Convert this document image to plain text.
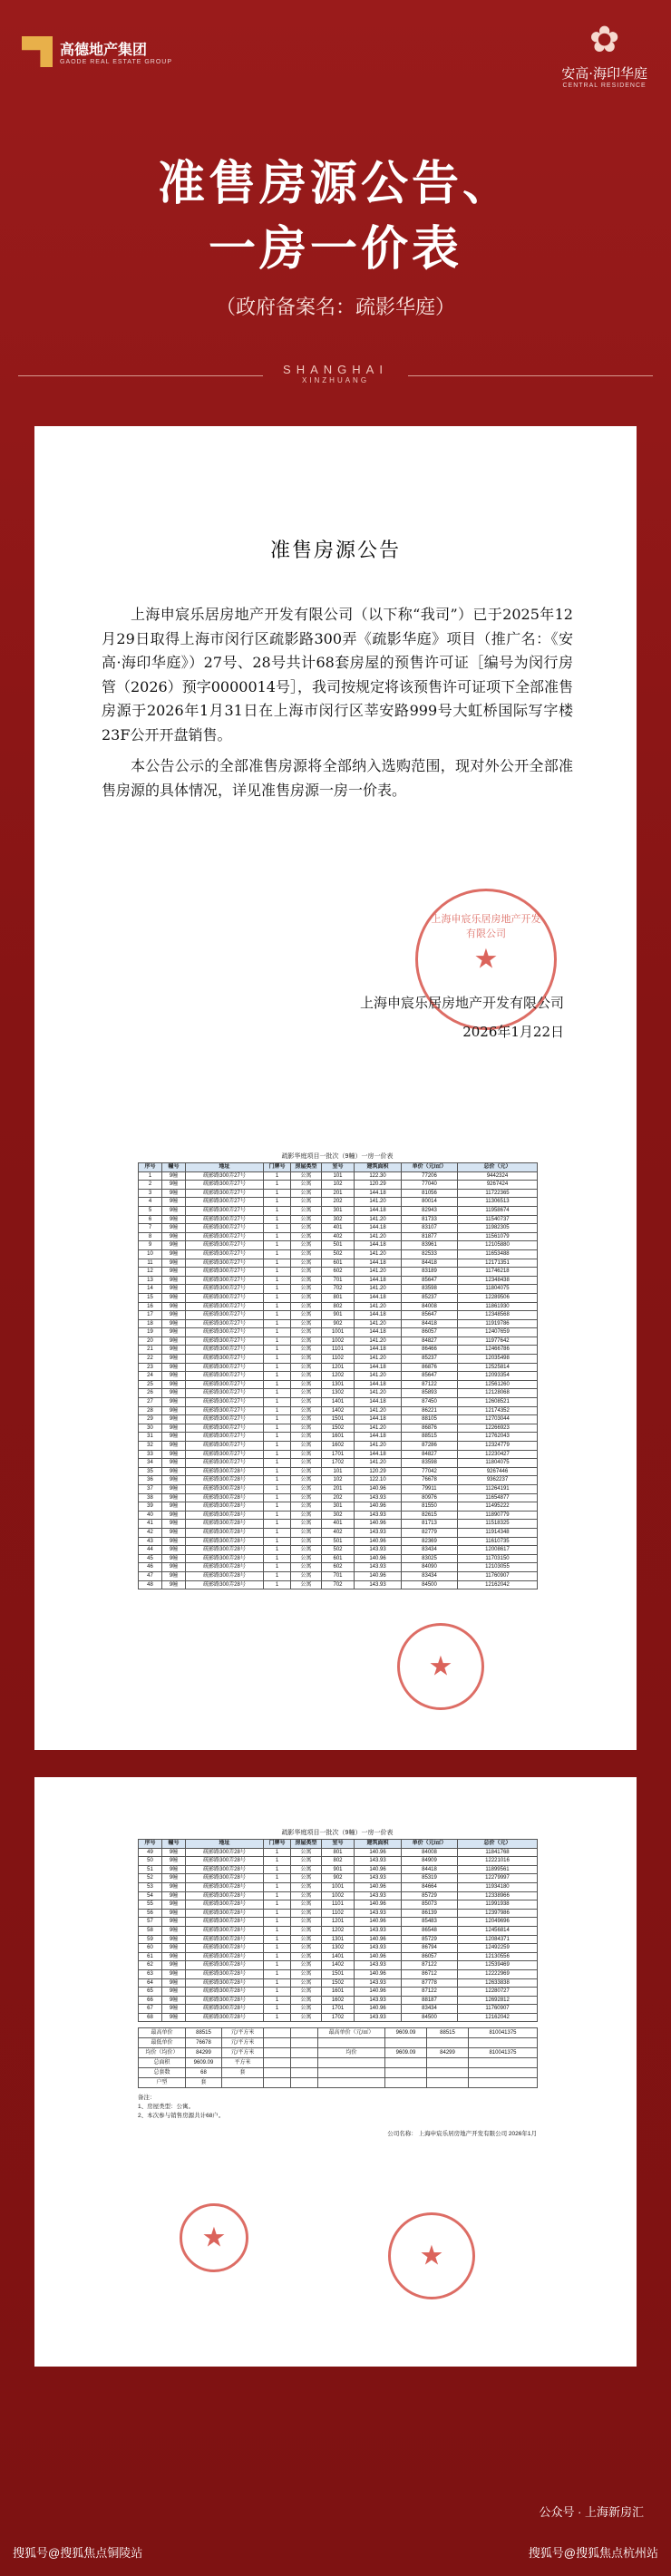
高德地产集团
GAODE REAL ESTATE GROUP
✿
安高·海印华庭
CENTRAL RESIDENCE
准售房源公告、
一房一价表
（政府备案名：疏影华庭）
SHANGHAI
XINZHUANG
准售房源公告

上海申宸乐居房地产开发有限公司（以下称“我司”）已于2025年12月29日取得上海市闵行区疏影路300弄《疏影华庭》项目（推广名：《安高·海印华庭》）27号、28号共计68套房屋的预售许可证［编号为闵行房管（2026）预字0000014号］，我司按规定将该预售许可证项下全部准售房源于2026年1月31日在上海市闵行区莘安路999号大虹桥国际写字楼23F公开开盘销售。

本公告公示的全部准售房源将全部纳入选购范围，现对外公开全部准售房源的具体情况，详见准售房源一房一价表。

上海申宸乐居房地产开发有限公司
★
上海申宸乐居房地产开发有限公司
2026年1月22日
疏影华庭项目一批次（9幢）一房一价表
序号	幢号	地址	门牌号	房屋类型	室号	建筑面积	单价（元/㎡）	总价（元）
1	9幢	疏影路300弄27号	1	公寓	101	122.30	77206	9442324
2	9幢	疏影路300弄27号	1	公寓	102	120.29	77040	9267424
3	9幢	疏影路300弄27号	1	公寓	201	144.18	81056	11722365
4	9幢	疏影路300弄27号	1	公寓	202	141.20	80014	11306513
5	9幢	疏影路300弄27号	1	公寓	301	144.18	82943	11958674
6	9幢	疏影路300弄27号	1	公寓	302	141.20	81733	11540737
7	9幢	疏影路300弄27号	1	公寓	401	144.18	83107	11982305
8	9幢	疏影路300弄27号	1	公寓	402	141.20	81877	11561079
9	9幢	疏影路300弄27号	1	公寓	501	144.18	83961	12105880
10	9幢	疏影路300弄27号	1	公寓	502	141.20	82533	11653488
11	9幢	疏影路300弄27号	1	公寓	601	144.18	84418	12171351
12	9幢	疏影路300弄27号	1	公寓	602	141.20	83189	11746218
13	9幢	疏影路300弄27号	1	公寓	701	144.18	85647	12348438
14	9幢	疏影路300弄27号	1	公寓	702	141.20	83598	11804075
15	9幢	疏影路300弄27号	1	公寓	801	144.18	85237	12289506
16	9幢	疏影路300弄27号	1	公寓	802	141.20	84008	11861930
17	9幢	疏影路300弄27号	1	公寓	901	144.18	85647	12348568
18	9幢	疏影路300弄27号	1	公寓	902	141.20	84418	11919786
19	9幢	疏影路300弄27号	1	公寓	1001	144.18	86057	12407659
20	9幢	疏影路300弄27号	1	公寓	1002	141.20	84827	11977642
21	9幢	疏影路300弄27号	1	公寓	1101	144.18	86466	12466786
22	9幢	疏影路300弄27号	1	公寓	1102	141.20	85237	12035498
23	9幢	疏影路300弄27号	1	公寓	1201	144.18	86876	12525814
24	9幢	疏影路300弄27号	1	公寓	1202	141.20	85647	12093354
25	9幢	疏影路300弄27号	1	公寓	1301	144.18	87122	12561260
26	9幢	疏影路300弄27号	1	公寓	1302	141.20	85893	12128068
27	9幢	疏影路300弄27号	1	公寓	1401	144.18	87450	12608521
28	9幢	疏影路300弄27号	1	公寓	1402	141.20	86221	12174352
29	9幢	疏影路300弄27号	1	公寓	1501	144.18	88105	12703044
30	9幢	疏影路300弄27号	1	公寓	1502	141.20	86876	12266923
31	9幢	疏影路300弄27号	1	公寓	1601	144.18	88515	12762043
32	9幢	疏影路300弄27号	1	公寓	1602	141.20	87286	12324779
33	9幢	疏影路300弄27号	1	公寓	1701	144.18	84827	12230427
34	9幢	疏影路300弄27号	1	公寓	1702	141.20	83598	11804075
35	9幢	疏影路300弄28号	1	公寓	101	120.29	77042	9267446
36	9幢	疏影路300弄28号	1	公寓	102	122.10	76678	9362237
37	9幢	疏影路300弄28号	1	公寓	201	140.96	79911	11264191
38	9幢	疏影路300弄28号	1	公寓	202	143.93	80976	11654877
39	9幢	疏影路300弄28号	1	公寓	301	140.96	81550	11495222
40	9幢	疏影路300弄28号	1	公寓	302	143.93	82615	11890779
41	9幢	疏影路300弄28号	1	公寓	401	140.96	81713	11518325
42	9幢	疏影路300弄28号	1	公寓	402	143.93	82779	11914348
43	9幢	疏影路300弄28号	1	公寓	501	140.96	82369	11610735
44	9幢	疏影路300弄28号	1	公寓	502	143.93	83434	12008617
45	9幢	疏影路300弄28号	1	公寓	601	140.96	83025	11703150
46	9幢	疏影路300弄28号	1	公寓	602	143.93	84090	12103055
47	9幢	疏影路300弄28号	1	公寓	701	140.96	83434	11760907
48	9幢	疏影路300弄28号	1	公寓	702	143.93	84500	12162042
★
疏影华庭项目一批次（9幢）一房一价表
序号	幢号	地址	门牌号	房屋类型	室号	建筑面积	单价（元/㎡）	总价（元）
49	9幢	疏影路300弄28号	1	公寓	801	140.96	84008	11841768
50	9幢	疏影路300弄28号	1	公寓	802	143.93	84909	12221016
51	9幢	疏影路300弄28号	1	公寓	901	140.96	84418	11899561
52	9幢	疏影路300弄28号	1	公寓	902	143.93	85319	12279997
53	9幢	疏影路300弄28号	1	公寓	1001	140.96	84664	11934180
54	9幢	疏影路300弄28号	1	公寓	1002	143.93	85729	12338966
55	9幢	疏影路300弄28号	1	公寓	1101	140.96	85073	11991938
56	9幢	疏影路300弄28号	1	公寓	1102	143.93	86139	12397986
57	9幢	疏影路300弄28号	1	公寓	1201	140.96	85483	12049696
58	9幢	疏影路300弄28号	1	公寓	1202	143.93	86548	12456814
59	9幢	疏影路300弄28号	1	公寓	1301	140.96	85729	12084371
60	9幢	疏影路300弄28号	1	公寓	1302	143.93	86794	12492259
61	9幢	疏影路300弄28号	1	公寓	1401	140.96	86057	12130556
62	9幢	疏影路300弄28号	1	公寓	1402	143.93	87122	12539469
63	9幢	疏影路300弄28号	1	公寓	1501	140.96	86712	12222969
64	9幢	疏影路300弄28号	1	公寓	1502	143.93	87778	12633838
65	9幢	疏影路300弄28号	1	公寓	1601	140.96	87122	12280727
66	9幢	疏影路300弄28号	1	公寓	1602	143.93	88187	12692812
67	9幢	疏影路300弄28号	1	公寓	1701	140.96	83434	11760907
68	9幢	疏影路300弄28号	1	公寓	1702	143.93	84500	12162042
最高单价	88515	元/平方米			最高单价（元/㎡）	9609.09	88515	810041375
最低单价	76678	元/平方米						
均价（均价）	84299	元/平方米			均价	9609.09	84299	810041375
总面积	9609.09	平方米						
总套数	68	套						
户型	套							
备注：
1、房屋类型：公寓。
2、本次参与销售房源共计68户。
公司名称： 上海申宸乐居房地产开发有限公司 2026年1月
★
★
公众号 · 上海新房汇
搜狐号@搜狐焦点铜陵站	搜狐号@搜狐焦点杭州站
